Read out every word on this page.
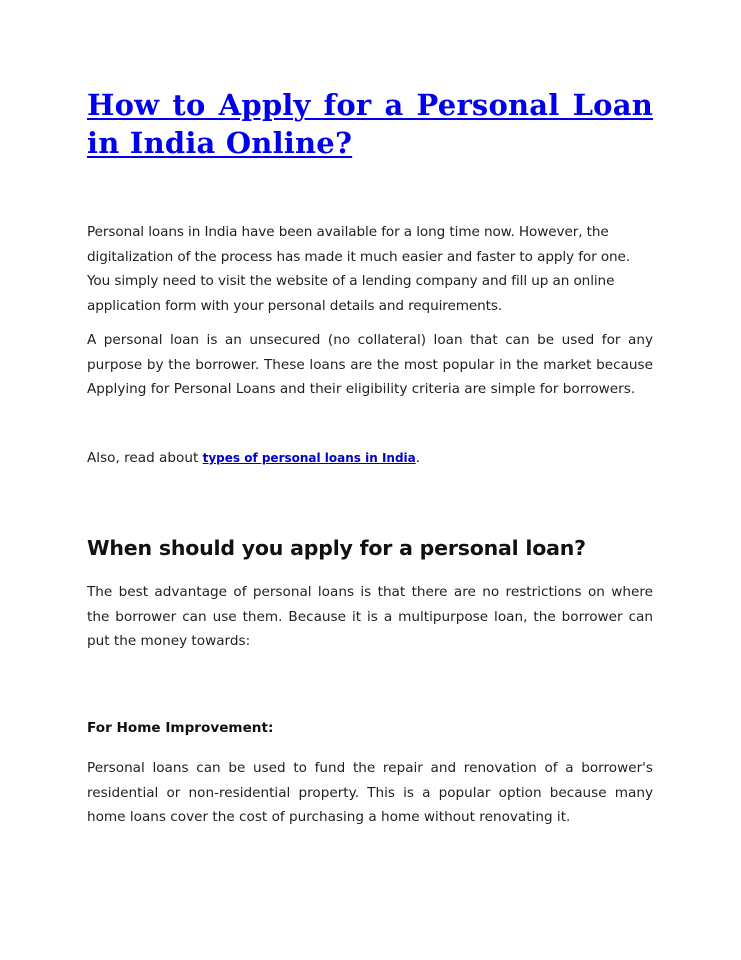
How to Apply for a Personal Loan in India Online?

Personal loans in India have been available for a long time now. However, the digitalization of the process has made it much easier and faster to apply for one. You simply need to visit the website of a lending company and fill up an online application form with your personal details and requirements.

A personal loan is an unsecured (no collateral) loan that can be used for any purpose by the borrower. These loans are the most popular in the market because Applying for Personal Loans and their eligibility criteria are simple for borrowers.

Also, read about types of personal loans in India.

When should you apply for a personal loan?

The best advantage of personal loans is that there are no restrictions on where the borrower can use them. Because it is a multipurpose loan, the borrower can put the money towards:

For Home Improvement:

Personal loans can be used to fund the repair and renovation of a borrower's residential or non-residential property. This is a popular option because many home loans cover the cost of purchasing a home without renovating it.
